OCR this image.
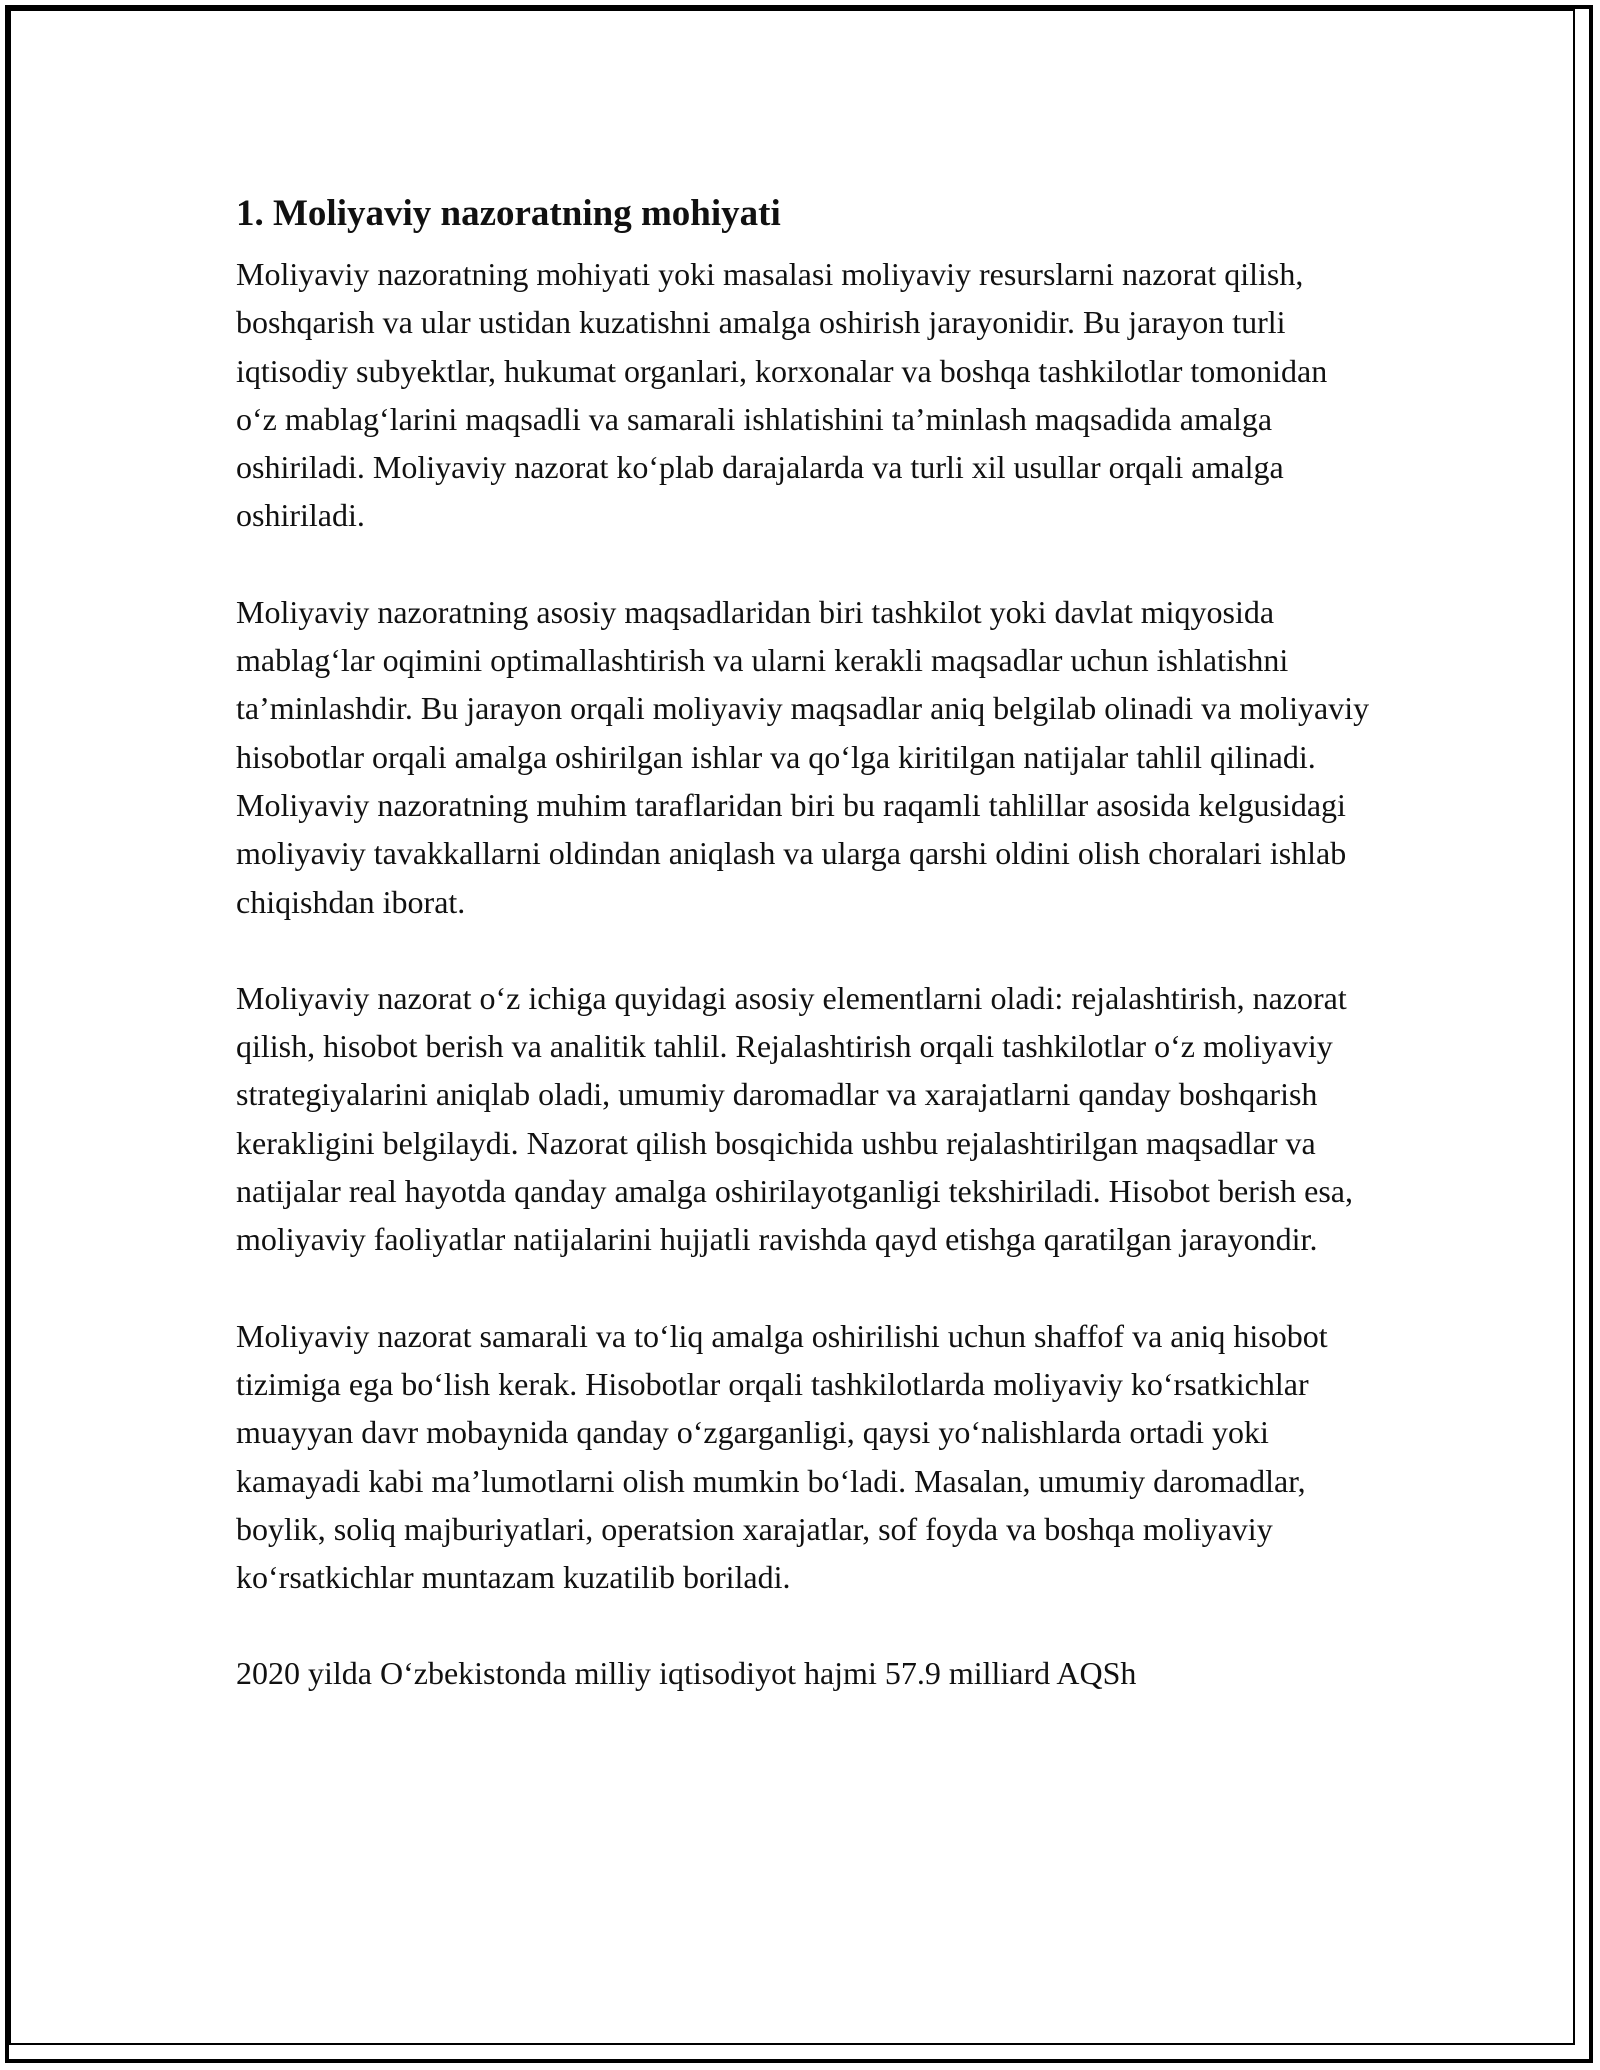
1. Moliyaviy nazoratning mohiyati

Moliyaviy nazoratning mohiyati yoki masalasi moliyaviy resurslarni nazorat qilish, boshqarish va ular ustidan kuzatishni amalga oshirish jarayonidir. Bu jarayon turli iqtisodiy subyektlar, hukumat organlari, korxonalar va boshqa tashkilotlar tomonidan o‘z mablag‘larini maqsadli va samarali ishlatishini ta’minlash maqsadida amalga oshiriladi. Moliyaviy nazorat ko‘plab darajalarda va turli xil usullar orqali amalga oshiriladi.

Moliyaviy nazoratning asosiy maqsadlaridan biri tashkilot yoki davlat miqyosida mablag‘lar oqimini optimallashtirish va ularni kerakli maqsadlar uchun ishlatishni ta’minlashdir. Bu jarayon orqali moliyaviy maqsadlar aniq belgilab olinadi va moliyaviy hisobotlar orqali amalga oshirilgan ishlar va qo‘lga kiritilgan natijalar tahlil qilinadi. Moliyaviy nazoratning muhim taraflaridan biri bu raqamli tahlillar asosida kelgusidagi moliyaviy tavakkallarni oldindan aniqlash va ularga qarshi oldini olish choralari ishlab chiqishdan iborat.

Moliyaviy nazorat o‘z ichiga quyidagi asosiy elementlarni oladi: rejalashtirish, nazorat qilish, hisobot berish va analitik tahlil. Rejalashtirish orqali tashkilotlar o‘z moliyaviy strategiyalarini aniqlab oladi, umumiy daromadlar va xarajatlarni qanday boshqarish kerakligini belgilaydi. Nazorat qilish bosqichida ushbu rejalashtirilgan maqsadlar va natijalar real hayotda qanday amalga oshirilayotganligi tekshiriladi. Hisobot berish esa, moliyaviy faoliyatlar natijalarini hujjatli ravishda qayd etishga qaratilgan jarayondir.

Moliyaviy nazorat samarali va to‘liq amalga oshirilishi uchun shaffof va aniq hisobot tizimiga ega bo‘lish kerak. Hisobotlar orqali tashkilotlarda moliyaviy ko‘rsatkichlar muayyan davr mobaynida qanday o‘zgarganligi, qaysi yo‘nalishlarda ortadi yoki kamayadi kabi ma’lumotlarni olish mumkin bo‘ladi. Masalan, umumiy daromadlar, boylik, soliq majburiyatlari, operatsion xarajatlar, sof foyda va boshqa moliyaviy ko‘rsatkichlar muntazam kuzatilib boriladi.

2020 yilda O‘zbekistonda milliy iqtisodiyot hajmi 57.9 milliard AQSh
